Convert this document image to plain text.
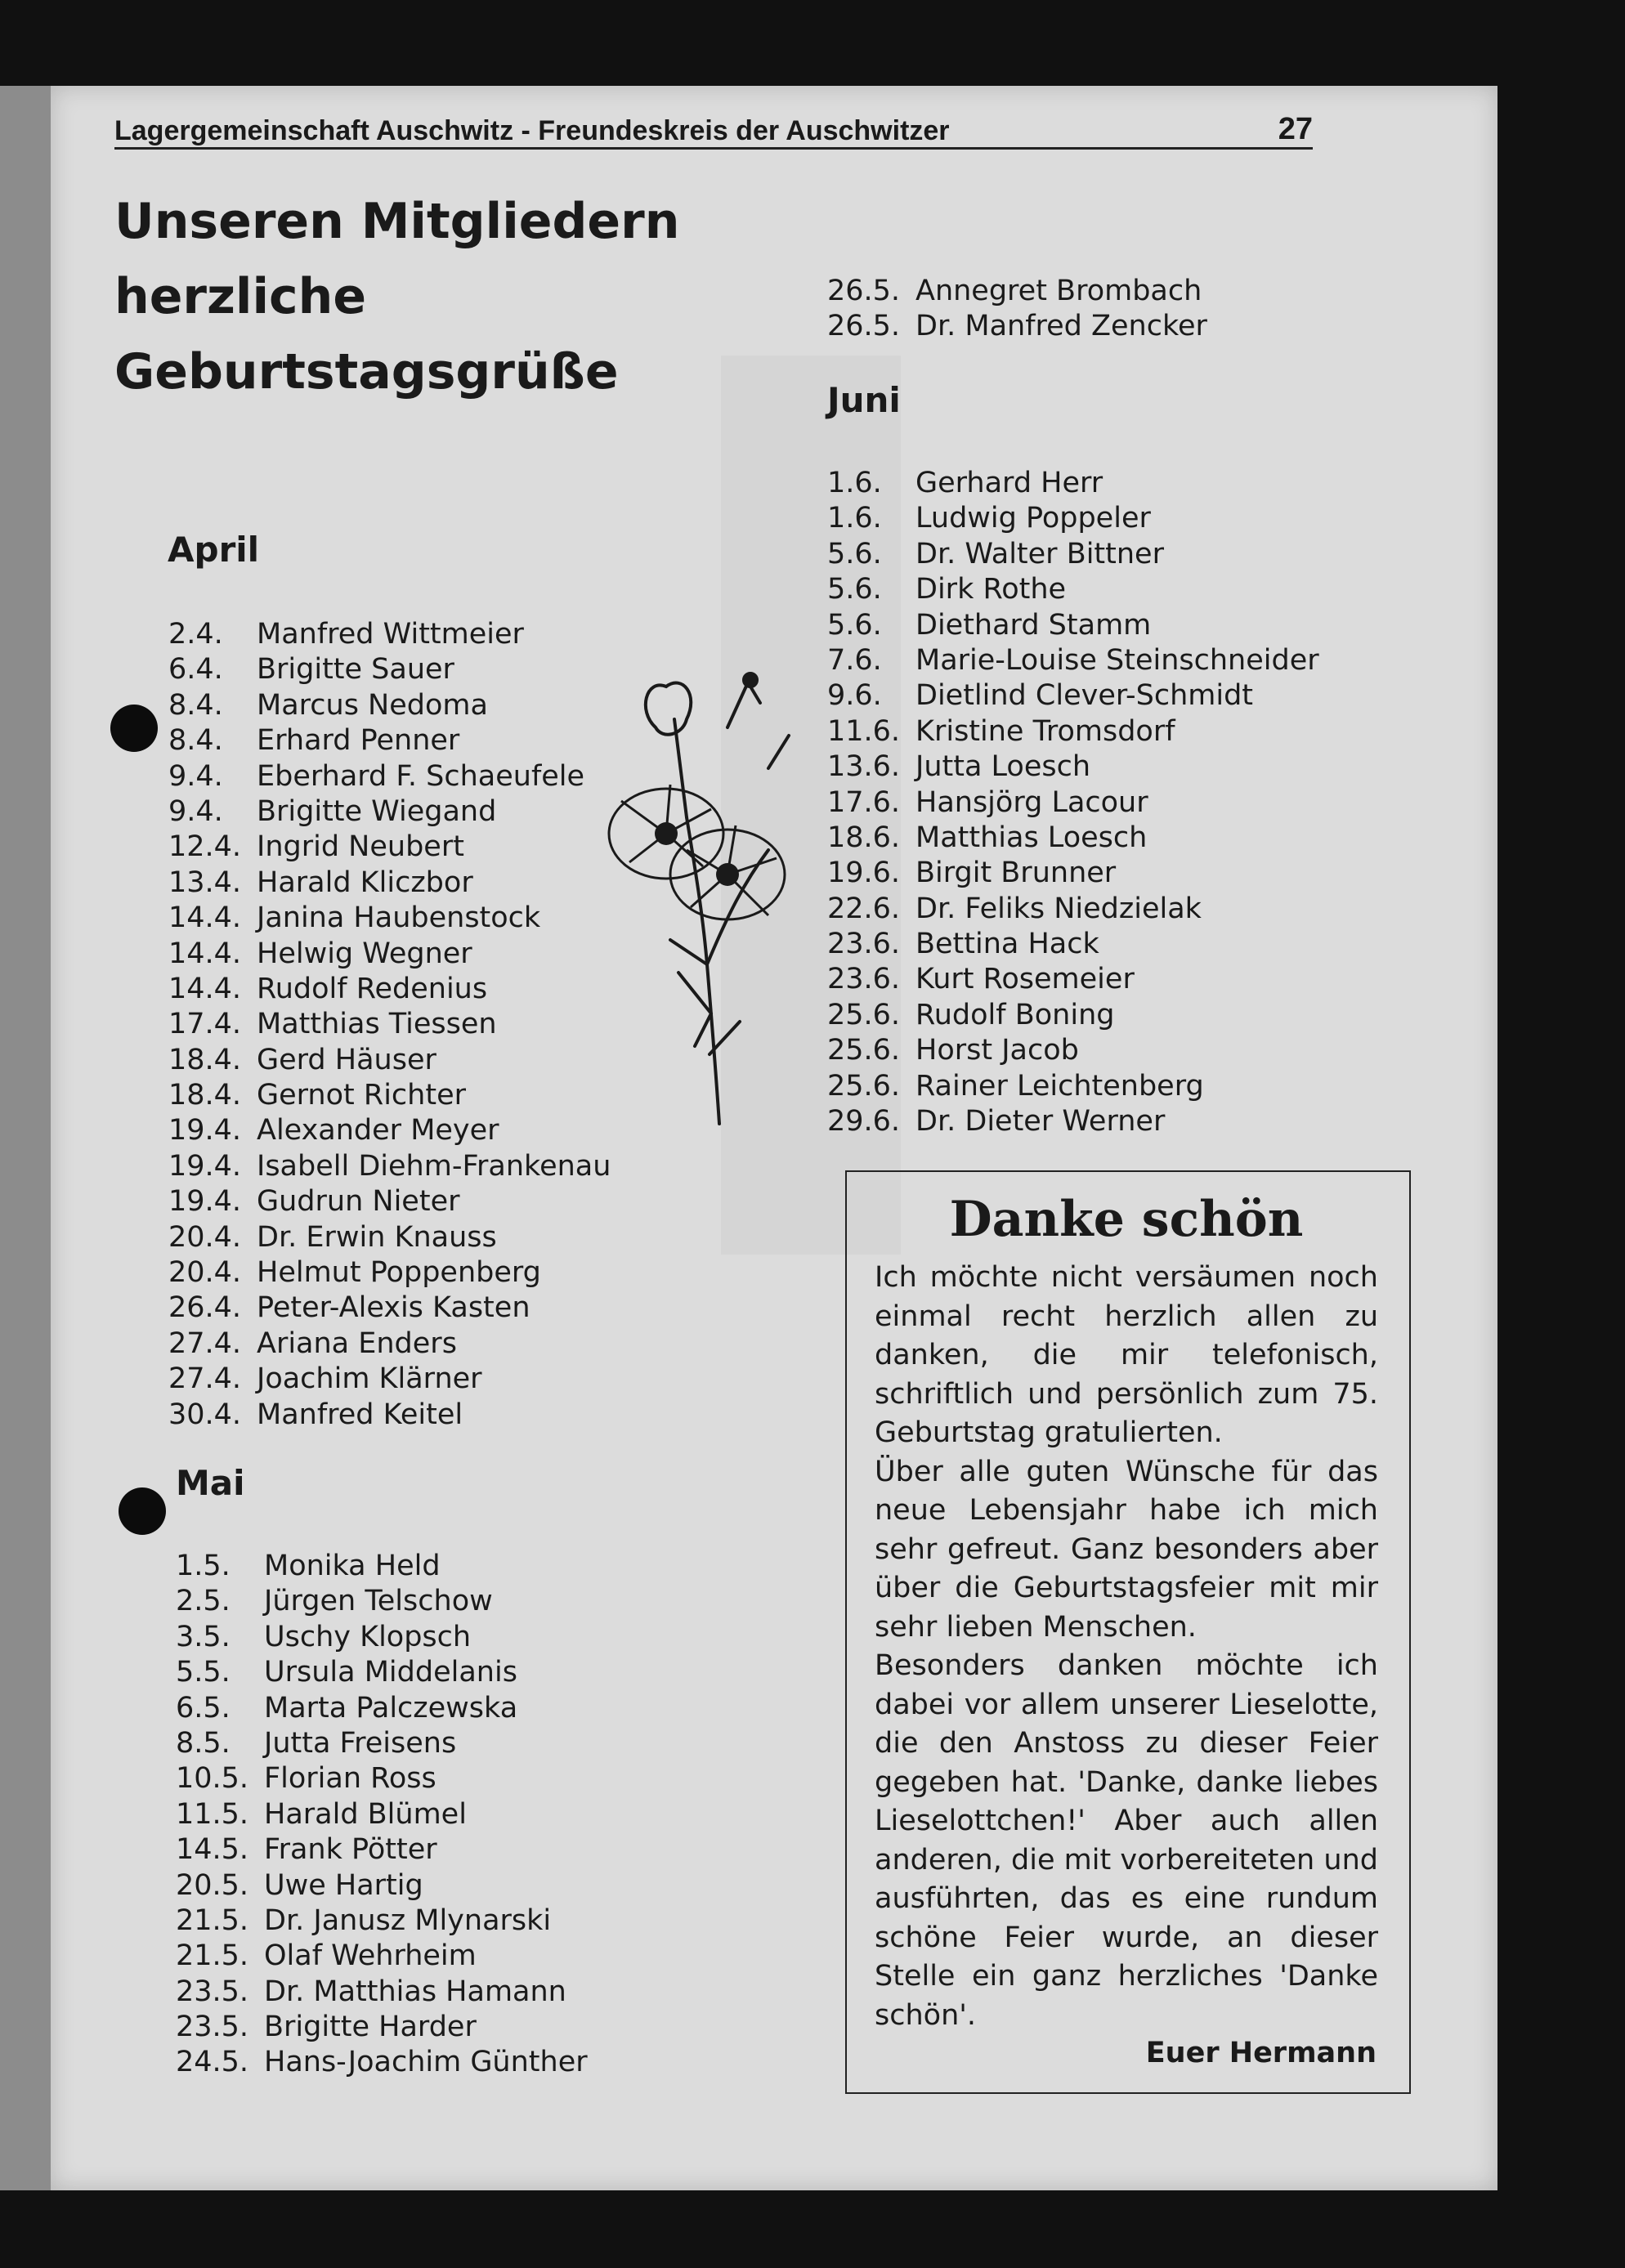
Lagergemeinschaft Auschwitz - Freundeskreis der Auschwitzer	27
Unseren Mitgliedern
herzliche
Geburtstagsgrüße
April
2.4.	Manfred Wittmeier
6.4.	Brigitte Sauer
8.4.	Marcus Nedoma
8.4.	Erhard Penner
9.4.	Eberhard F. Schaeufele
9.4.	Brigitte Wiegand
12.4. Ingrid Neubert
13.4. Harald Kliczbor
14.4. Janina Haubenstock
14.4. Helwig Wegner
14.4. Rudolf Redenius
17.4. Matthias Tiessen
18.4. Gerd Häuser
18.4. Gernot Richter
19.4. Alexander Meyer
19.4. Isabell Diehm-Frankenau
19.4. Gudrun Nieter
20.4. Dr. Erwin Knauss
20.4. Helmut Poppenberg
26.4. Peter-Alexis Kasten
27.4. Ariana Enders
27.4. Joachim Klärner
30.4. Manfred Keitel
Mai
1.5.	Monika Held
2.5.	Jürgen Telschow
3.5.	Uschy Klopsch
5.5.	Ursula Middelanis
6.5.	Marta Palczewska
8.5.	Jutta Freisens
10.5. Florian Ross
11.5. Harald Blümel
14.5. Frank Pötter
20.5. Uwe Hartig
21.5. Dr. Janusz Mlynarski
21.5. Olaf Wehrheim
23.5. Dr. Matthias Hamann
23.5. Brigitte Harder
24.5. Hans-Joachim Günther
26.5. Annegret Brombach
26.5. Dr. Manfred Zencker
Juni
1.6.	Gerhard Herr
1.6.	Ludwig Poppeler
5.6.	Dr. Walter Bittner
5.6.	Dirk Rothe
5.6.	Diethard Stamm
7.6.	Marie-Louise Steinschneider
9.6.	Dietlind Clever-Schmidt
11.6. Kristine Tromsdorf
13.6. Jutta Loesch
17.6. Hansjörg Lacour
18.6. Matthias Loesch
19.6. Birgit Brunner
22.6. Dr. Feliks Niedzielak
23.6. Bettina Hack
23.6. Kurt Rosemeier
25.6. Rudolf Boning
25.6. Horst Jacob
25.6. Rainer Leichtenberg
29.6. Dr. Dieter Werner
Danke schön

Ich möchte nicht versäumen noch einmal recht herzlich allen zu danken, die mir telefonisch, schriftlich und persönlich zum 75. Geburtstag gratulierten.
Über alle guten Wünsche für das neue Lebensjahr habe ich mich sehr gefreut. Ganz besonders aber über die Geburtstagsfeier mit mir sehr lieben Menschen.
Besonders danken möchte ich dabei vor allem unserer Lieselotte, die den Anstoss zu dieser Feier gegeben hat. 'Danke, danke liebes Lieselottchen!' Aber auch allen anderen, die mit vorbereiteten und ausführten, das es eine rundum schöne Feier wurde, an dieser Stelle ein ganz herzliches 'Danke schön'.

Euer Hermann
